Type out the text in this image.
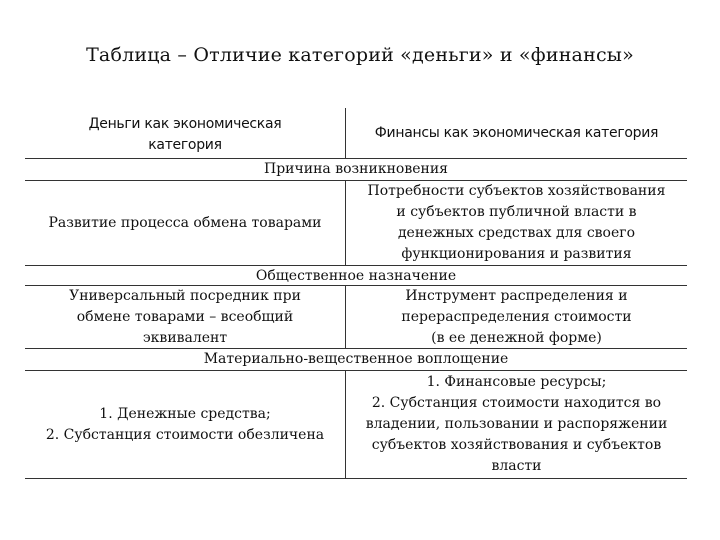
Таблица – Отличие категорий «деньги» и «финансы»
Деньги как экономическая
категория
Финансы как экономическая категория
Причина возникновения
Развитие процесса обмена товарами
Потребности субъектов хозяйствования
и субъектов публичной власти в
денежных средствах для своего
функционирования и развития
Общественное назначение
Универсальный посредник при
обмене товарами – всеобщий
эквивалент
Инструмент распределения и
перераспределения стоимости
(в ее денежной форме)
Материально-вещественное воплощение
1. Денежные средства;
2. Субстанция стоимости обезличена
1. Финансовые ресурсы;
2. Субстанция стоимости находится во
владении, пользовании и распоряжении
субъектов хозяйствования и субъектов
власти
